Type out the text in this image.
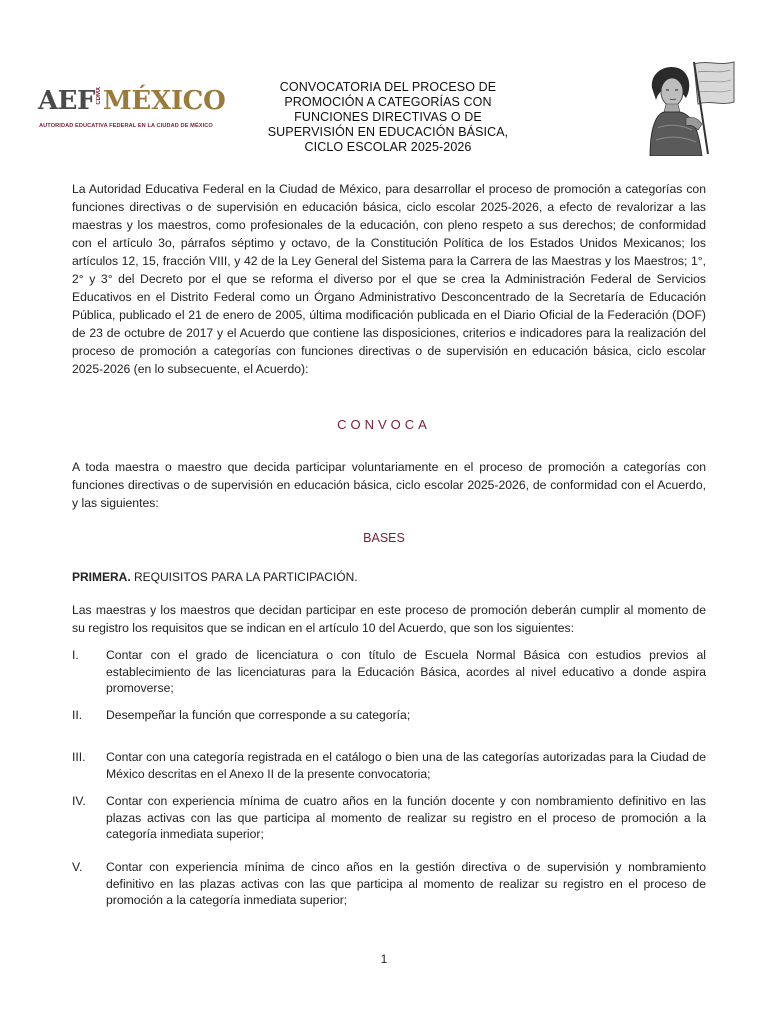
AEFCDMXMÉXICO
AUTORIDAD EDUCATIVA FEDERAL EN LA CIUDAD DE MÉXICO
CONVOCATORIA DEL PROCESO DE
PROMOCIÓN A CATEGORÍAS CON
FUNCIONES DIRECTIVAS O DE
SUPERVISIÓN EN EDUCACIÓN BÁSICA,
CICLO ESCOLAR 2025-2026
La Autoridad Educativa Federal en la Ciudad de México, para desarrollar el proceso de promoción a categorías con funciones directivas o de supervisión en educación básica, ciclo escolar 2025-2026, a efecto de revalorizar a las maestras y los maestros, como profesionales de la educación, con pleno respeto a sus derechos; de conformidad con el artículo 3o, párrafos séptimo y octavo, de la Constitución Política de los Estados Unidos Mexicanos; los artículos 12, 15, fracción VIII, y 42 de la Ley General del Sistema para la Carrera de las Maestras y los Maestros; 1°, 2° y 3° del Decreto por el que se reforma el diverso por el que se crea la Administración Federal de Servicios Educativos en el Distrito Federal como un Órgano Administrativo Desconcentrado de la Secretaría de Educación Pública, publicado el 21 de enero de 2005, última modificación publicada en el Diario Oficial de la Federación (DOF) de 23 de octubre de 2017 y el Acuerdo que contiene las disposiciones, criterios e indicadores para la realización del proceso de promoción a categorías con funciones directivas o de supervisión en educación básica, ciclo escolar 2025-2026 (en lo subsecuente, el Acuerdo):
CONVOCA
A toda maestra o maestro que decida participar voluntariamente en el proceso de promoción a categorías con funciones directivas o de supervisión en educación básica, ciclo escolar 2025-2026, de conformidad con el Acuerdo, y las siguientes:
BASES
PRIMERA. REQUISITOS PARA LA PARTICIPACIÓN.
Las maestras y los maestros que decidan participar en este proceso de promoción deberán cumplir al momento de su registro los requisitos que se indican en el artículo 10 del Acuerdo, que son los siguientes:
I.	Contar con el grado de licenciatura o con título de Escuela Normal Básica con estudios previos al establecimiento de las licenciaturas para la Educación Básica, acordes al nivel educativo a donde aspira promoverse;
II.	Desempeñar la función que corresponde a su categoría;
III.	Contar con una categoría registrada en el catálogo o bien una de las categorías autorizadas para la Ciudad de México descritas en el Anexo II de la presente convocatoria;
IV.	Contar con experiencia mínima de cuatro años en la función docente y con nombramiento definitivo en las plazas activas con las que participa al momento de realizar su registro en el proceso de promoción a la categoría inmediata superior;
V.	Contar con experiencia mínima de cinco años en la gestión directiva o de supervisión y nombramiento definitivo en las plazas activas con las que participa al momento de realizar su registro en el proceso de promoción a la categoría inmediata superior;
1
